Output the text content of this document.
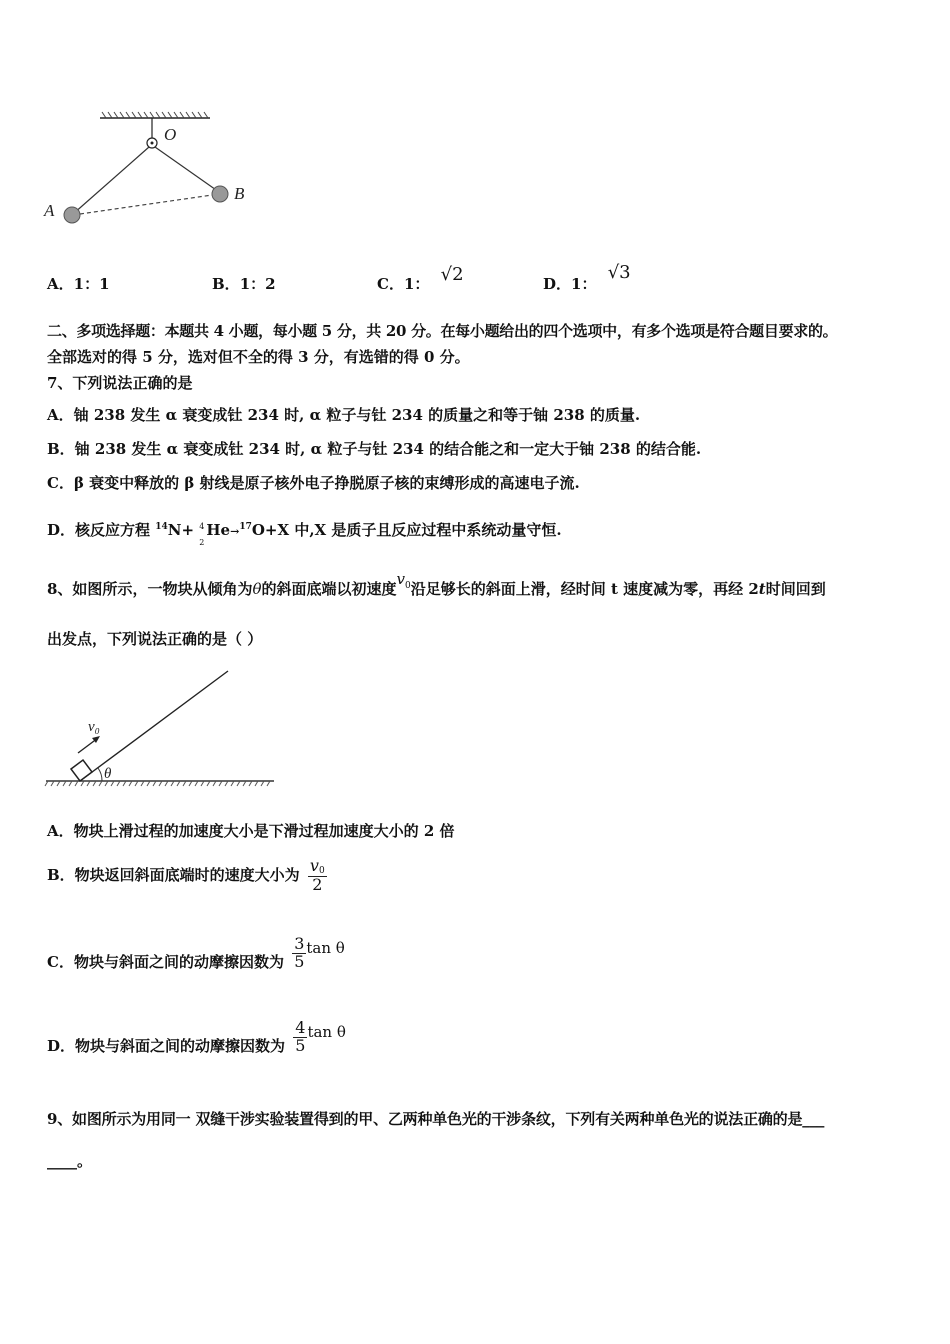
O
A
B
A．1：1	B．1：2	C．1： √2	D．1： √3
二、多项选择题：本题共 4 小题，每小题 5 分，共 20 分。在每小题给出的四个选项中，有多个选项是符合题目要求的。
全部选对的得 5 分，选对但不全的得 3 分，有选错的得 0 分。
7、下列说法正确的是
A．铀 238 发生 α 衰变成钍 234 时, α 粒子与钍 234 的质量之和等于铀 238 的质量.
B．铀 238 发生 α 衰变成钍 234 时, α 粒子与钍 234 的结合能之和一定大于铀 238 的结合能.
C．β 衰变中释放的 β 射线是原子核外电子挣脱原子核的束缚形成的高速电子流.
D．核反应方程 $^{14}$N+ 4
2
He→$^{17}$O+X 中,X 是质子且反应过程中系统动量守恒.
8、如图所示，一物块从倾角为θ的斜面底端以初速度$v^0$沿足够长的斜面上滑，经时间 t 速度减为零，再经 2t时间回到
出发点，下列说法正确的是（ ）
v₀
θ
A．物块上滑过程的加速度大小是下滑过程加速度大小的 2 倍
B．物块返回斜面底端时的速度大小为 $\frac{v0}{2}$
C．物块与斜面之间的动摩擦因数为 $\frac{3}{5}$ tan θ
D．物块与斜面之间的动摩擦因数为 $\frac{4}{5}$ tan θ
9、如图所示为用同一 双缝干涉实验装置得到的甲、乙两种单色光的干涉条纹，下列有关两种单色光的说法正确的是___
____。
